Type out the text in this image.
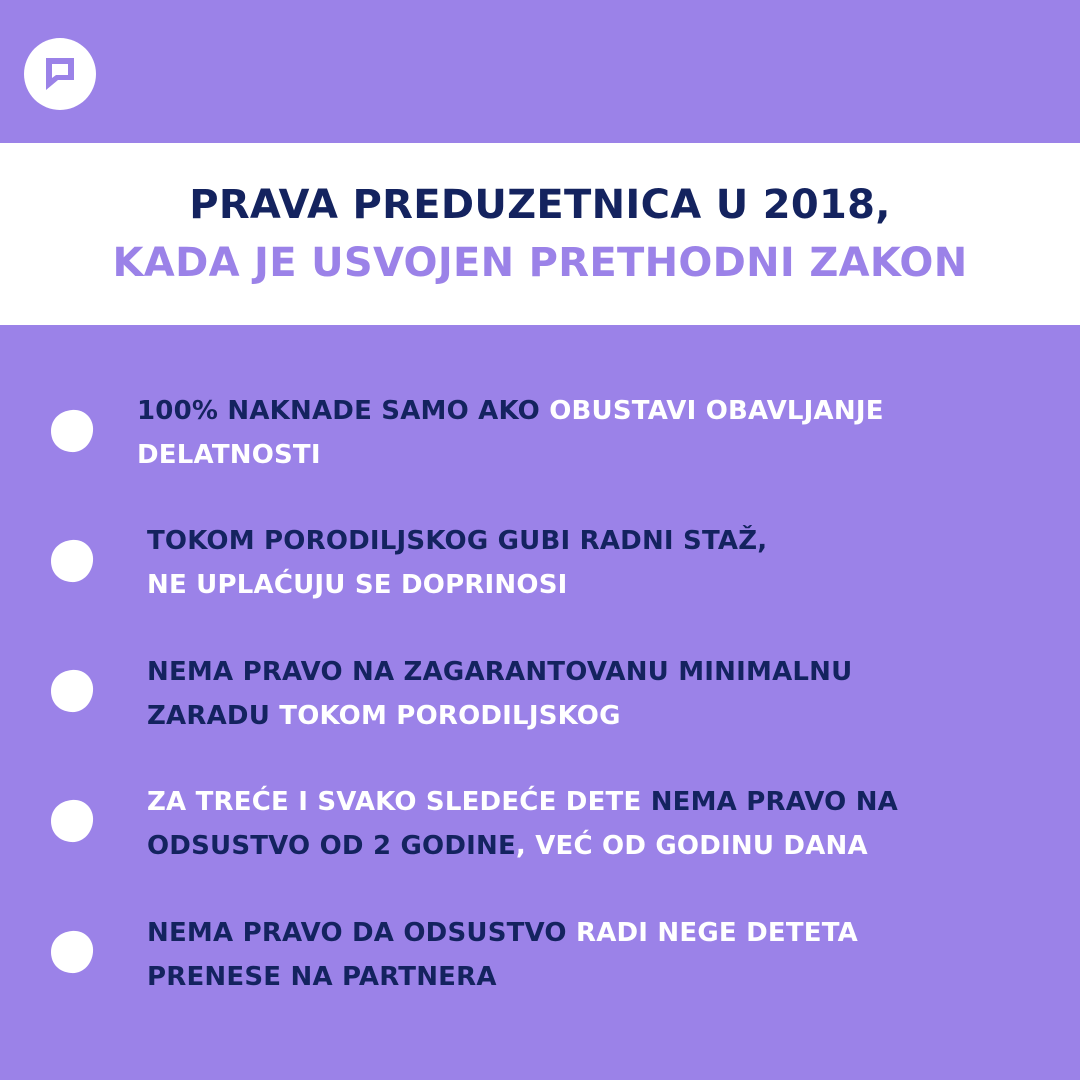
PRAVA PREDUZETNICA U 2018,
KADA JE USVOJEN PRETHODNI ZAKON
100% NAKNADE SAMO AKO OBUSTAVI OBAVLJANJE
DELATNOSTI
TOKOM PORODILJSKOG GUBI RADNI STAŽ,
NE UPLAĆUJU SE DOPRINOSI
NEMA PRAVO NA ZAGARANTOVANU MINIMALNU
ZARADU TOKOM PORODILJSKOG
ZA TREĆE I SVAKO SLEDEĆE DETE NEMA PRAVO NA
ODSUSTVO OD 2 GODINE, VEĆ OD GODINU DANA
NEMA PRAVO DA ODSUSTVO RADI NEGE DETETA
PRENESE NA PARTNERA
